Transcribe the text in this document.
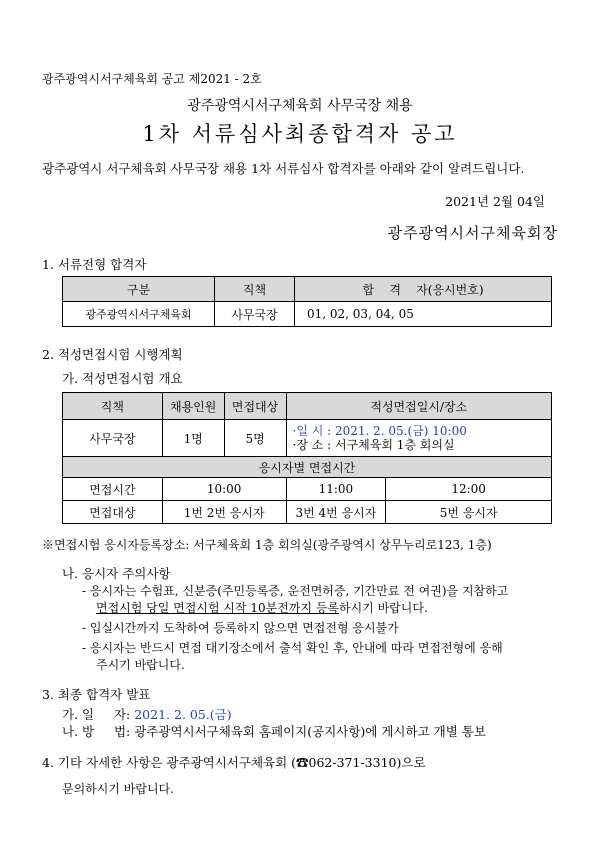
광주광역시서구체육회 공고 제2021 - 2호
광주광역시서구체육회 사무국장 채용
1차 서류심사최종합격자 공고
광주광역시 서구체육회 사무국장 채용 1차 서류심사 합격자를 아래와 같이 알려드립니다.
2021년 2월 04일
광주광역시서구체육회장
1. 서류전형 합격자
구분	직책	합    격    자(응시번호)
광주광역시서구체육회	사무국장	01, 02, 03, 04, 05
2. 적성면접시험 시행계획
가. 적성면접시험 개요
직책	채용인원	면접대상	적성면접일시/장소	
사무국장	1명	5명	·일 시 : 2021. 2. 05.(금) 10:00
·장 소 : 서구체육회 1층 회의실	

응시자별 면접시간				
면접시간	10:00		11:00	12:00
면접대상	1번 2번 응시자		3번 4번 응시자	5번 응시자
※면접시험 응시자등록장소: 서구체육회 1층 회의실(광주광역시 상무누리로123, 1층)
나. 응시자 주의사항
- 응시자는 수험표, 신분증(주민등록증, 운전면허증, 기간만료 전 여권)을 지참하고
면접시험 당일 면접시험 시작 10분전까지 등록하시기 바랍니다.
- 입실시간까지 도착하여 등록하지 않으면 면접전형 응시불가
- 응시자는 반드시 면접 대기장소에서 출석 확인 후, 안내에 따라 면접전형에 응해
주시기 바랍니다.
3. 최종 합격자 발표
가. 일     자: 2021. 2. 05.(금)
나. 방     법: 광주광역시서구체육회 홈페이지(공지사항)에 게시하고 개별 통보
4. 기타 자세한 사항은 광주광역시서구체육회 (☎062-371-3310)으로
문의하시기 바랍니다.
